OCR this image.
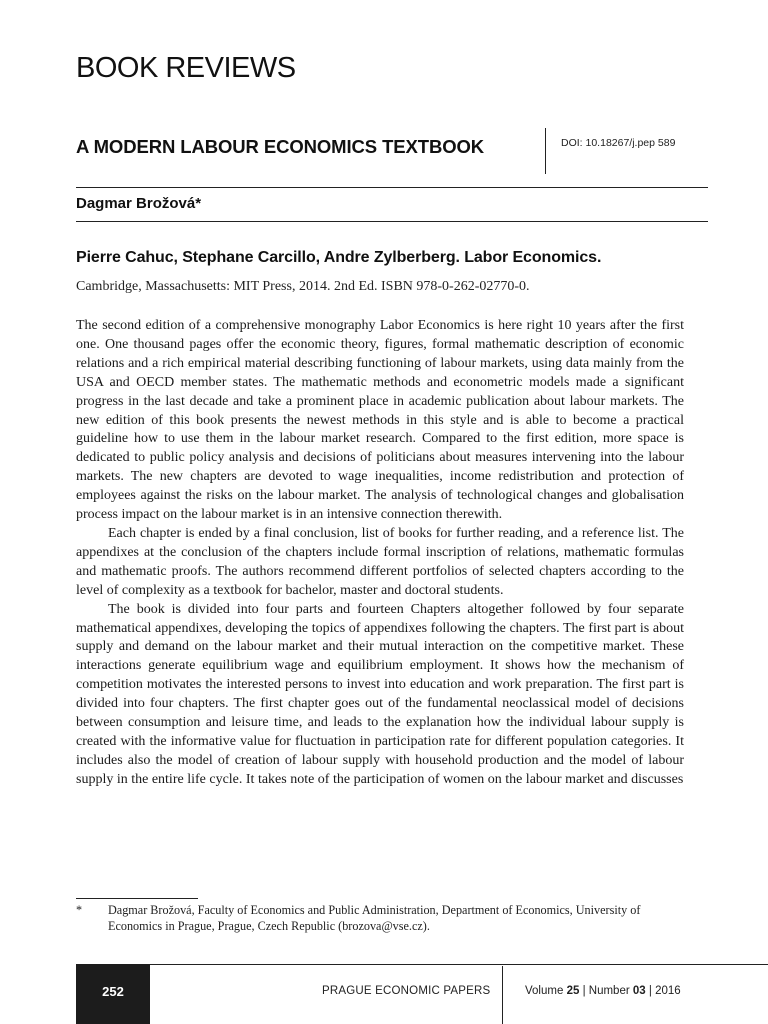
BOOK REVIEWS
A MODERN LABOUR ECONOMICS TEXTBOOK	DOI: 10.18267/j.pep 589
Dagmar Brožová*
Pierre Cahuc, Stephane Carcillo, Andre Zylberberg. Labor Economics.
Cambridge, Massachusetts: MIT Press, 2014. 2nd Ed. ISBN 978-0-262-02770-0.

The second edition of a comprehensive monography Labor Economics is here right 10 years after the first one. One thousand pages offer the economic theory, figures, formal mathematic description of economic relations and a rich empirical material describing functioning of labour markets, using data mainly from the USA and OECD member states. The mathematic methods and econometric models made a significant progress in the last decade and take a prominent place in academic publication about labour markets. The new edition of this book presents the newest methods in this style and is able to become a practical guideline how to use them in the labour market research. Compared to the first edition, more space is dedicated to public policy analysis and decisions of politicians about measures intervening into the labour markets. The new chapters are devoted to wage inequalities, income redistribution and protection of employees against the risks on the labour market. The analysis of technological changes and globalisation process impact on the labour market is in an intensive connection therewith.

Each chapter is ended by a final conclusion, list of books for further reading, and a reference list. The appendixes at the conclusion of the chapters include formal inscription of relations, mathematic formulas and mathematic proofs. The authors recommend different portfolios of selected chapters according to the level of complexity as a textbook for bachelor, master and doctoral students.

The book is divided into four parts and fourteen Chapters altogether followed by four separate mathematical appendixes, developing the topics of appendixes following the chapters. The first part is about supply and demand on the labour market and their mutual interaction on the competitive market. These interactions generate equilibrium wage and equilibrium employment. It shows how the mechanism of competition motivates the interested persons to invest into education and work preparation. The first part is divided into four chapters. The first chapter goes out of the fundamental neoclassical model of decisions between consumption and leisure time, and leads to the explanation how the individual labour supply is created with the informative value for fluctuation in participation rate for different population categories. It includes also the model of creation of labour supply with household production and the model of labour supply in the entire life cycle. It takes note of the participation of women on the labour market and discusses

* Dagmar Brožová, Faculty of Economics and Public Administration, Department of Economics, University of Economics in Prague, Prague, Czech Republic (brozova@vse.cz).
252	PRAGUE ECONOMIC PAPERS	Volume 25 | Number 03 | 2016
